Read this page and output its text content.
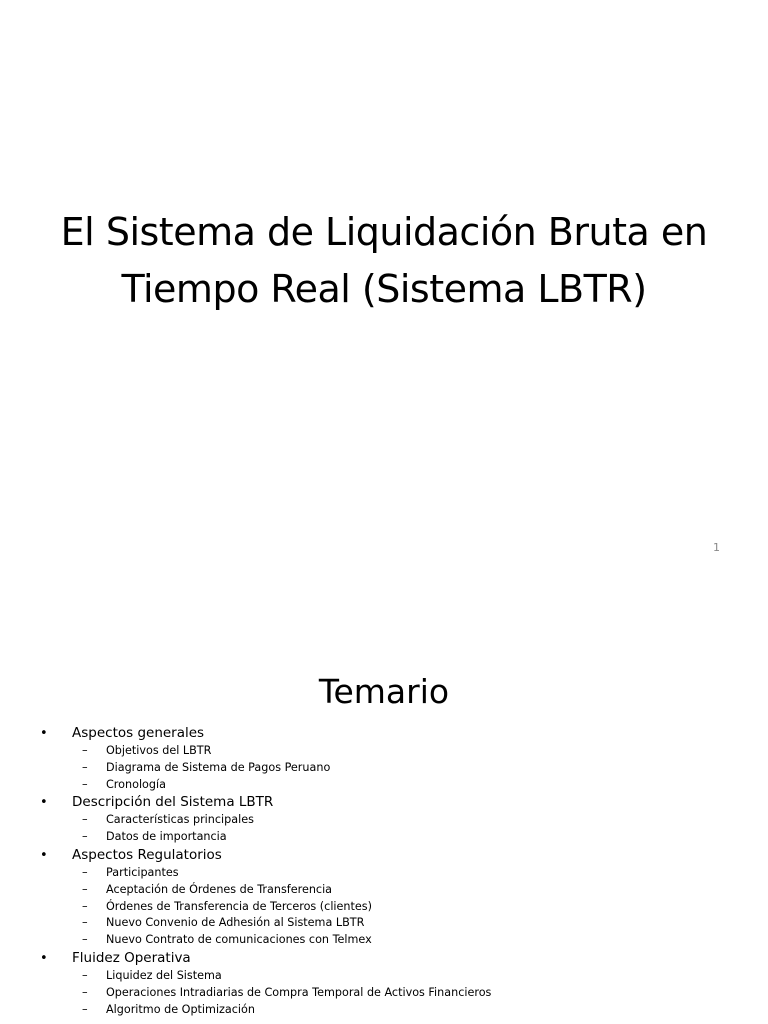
El Sistema de Liquidación Bruta en
Tiempo Real (Sistema LBTR)
1
Temario
•	Aspectos generales
– Objetivos del LBTR
– Diagrama de Sistema de Pagos Peruano
– Cronología
•	Descripción del Sistema LBTR
– Características principales
– Datos de importancia
•	Aspectos Regulatorios
– Participantes
– Aceptación de Órdenes de Transferencia
– Órdenes de Transferencia de Terceros (clientes)
– Nuevo Convenio de Adhesión al Sistema LBTR
– Nuevo Contrato de comunicaciones con Telmex
•	Fluidez Operativa
– Liquidez del Sistema
– Operaciones Intradiarias de Compra Temporal de Activos Financieros
– Algoritmo de Optimización
